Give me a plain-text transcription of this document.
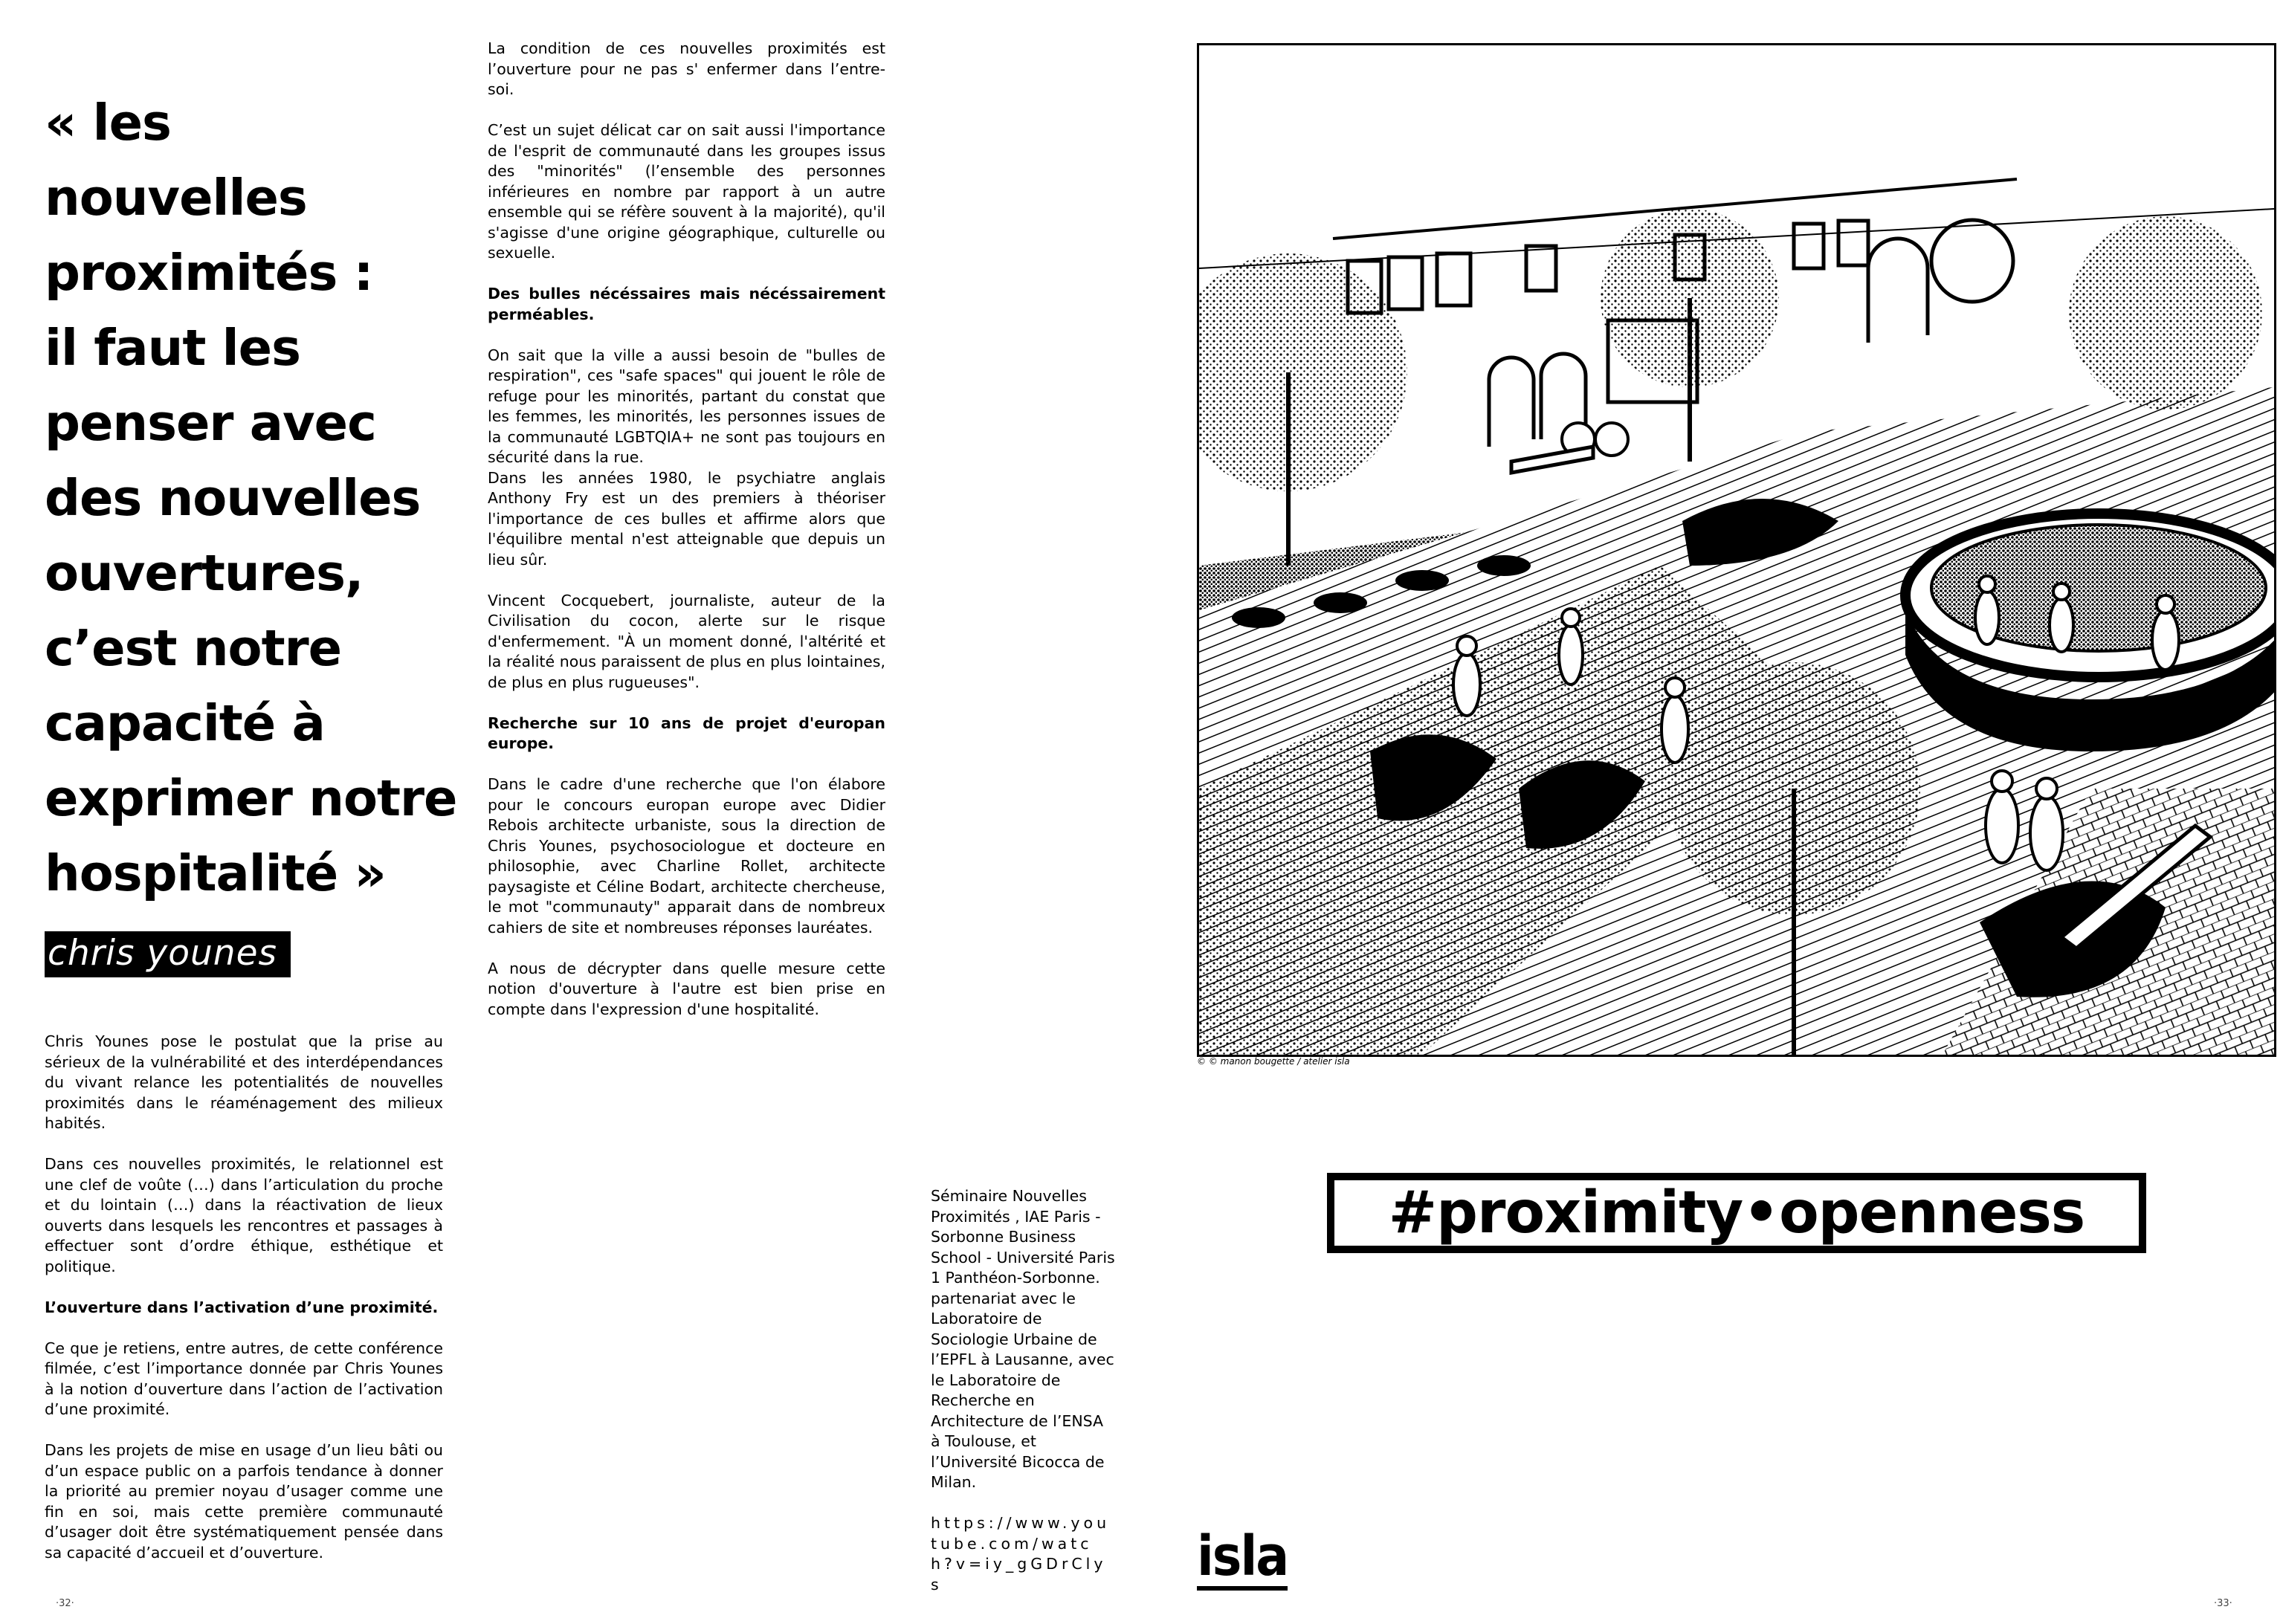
« les
nouvelles
proximités :
il faut les
penser avec
des nouvelles
ouvertures,
c’est notre
capacité à
exprimer notre
hospitalité »
chris younes

Chris Younes pose le postulat que la prise au sérieux de la vulnérabilité et des interdépendances du vivant relance les potentialités de nouvelles proximités dans le réaménagement des milieux habités.

Dans ces nouvelles proximités, le relationnel est une clef de voûte (…) dans l’articulation du proche et du lointain (…) dans la réactivation de lieux ouverts dans lesquels les rencontres et passages à effectuer sont d’ordre éthique, esthétique et politique.

L’ouverture dans l’activation d’une proximité.

Ce que je retiens, entre autres, de cette conférence filmée, c’est l’importance donnée par Chris Younes à la notion d’ouverture dans l’action de l’activation d’une proximité.

Dans les projets de mise en usage d’un lieu bâti ou d’un espace public on a parfois tendance à donner la priorité au premier noyau d’usager comme une fin en soi, mais cette première communauté d’usager doit être systématiquement pensée dans sa capacité d’accueil et d’ouverture.

La condition de ces nouvelles proximités est l’ouverture pour ne pas s' enfermer dans l’entre-soi.

C’est un sujet délicat car on sait aussi l'importance de l'esprit de communauté dans les groupes issus des "minorités" (l’ensemble des personnes inférieures en nombre par rapport à un autre ensemble qui se réfère souvent à la majorité), qu'il s'agisse d'une origine géographique, culturelle ou sexuelle.

Des bulles nécéssaires mais nécéssairement perméables.

On sait que la ville a aussi besoin de "bulles de respiration", ces "safe spaces" qui jouent le rôle de refuge pour les minorités, partant du constat que les femmes, les minorités, les personnes issues de la communauté LGBTQIA+ ne sont pas toujours en sécurité dans la rue.

Dans les années 1980, le psychiatre anglais Anthony Fry est un des premiers à théoriser l'importance de ces bulles et affirme alors que l'équilibre mental n'est atteignable que depuis un lieu sûr.

Vincent Cocquebert, journaliste, auteur de la Civilisation du cocon, alerte sur le risque d'enfermement. "À un moment donné, l'altérité et la réalité nous paraissent de plus en plus lointaines, de plus en plus rugueuses".

Recherche sur 10 ans de projet d'europan europe.

Dans le cadre d'une recherche que l'on élabore pour le concours europan europe avec Didier Rebois architecte urbaniste, sous la direction de Chris Younes, psychosociologue et docteure en philosophie, avec Charline Rollet, architecte paysagiste et Céline Bodart, architecte chercheuse, le mot "communauty" apparait dans de nombreux cahiers de site et nombreuses réponses lauréates.

A nous de décrypter dans quelle mesure cette notion d'ouverture à l'autre est bien prise en compte dans l'expression d'une hospitalité.

Séminaire Nouvelles Proximités , IAE Paris - Sorbonne Business School - Université Paris 1 Panthéon-Sorbonne. partenariat avec le Laboratoire de Sociologie Urbaine de l’EPFL à Lausanne, avec le Laboratoire de Recherche en Architecture de l’ENSA à Toulouse, et l’Université Bicocca de Milan.
https://www.youtube.com/watch?v=iy_gGDrClys
·32·
© © manon bougette / atelier isla
#proximity•openness
isla
·33·
